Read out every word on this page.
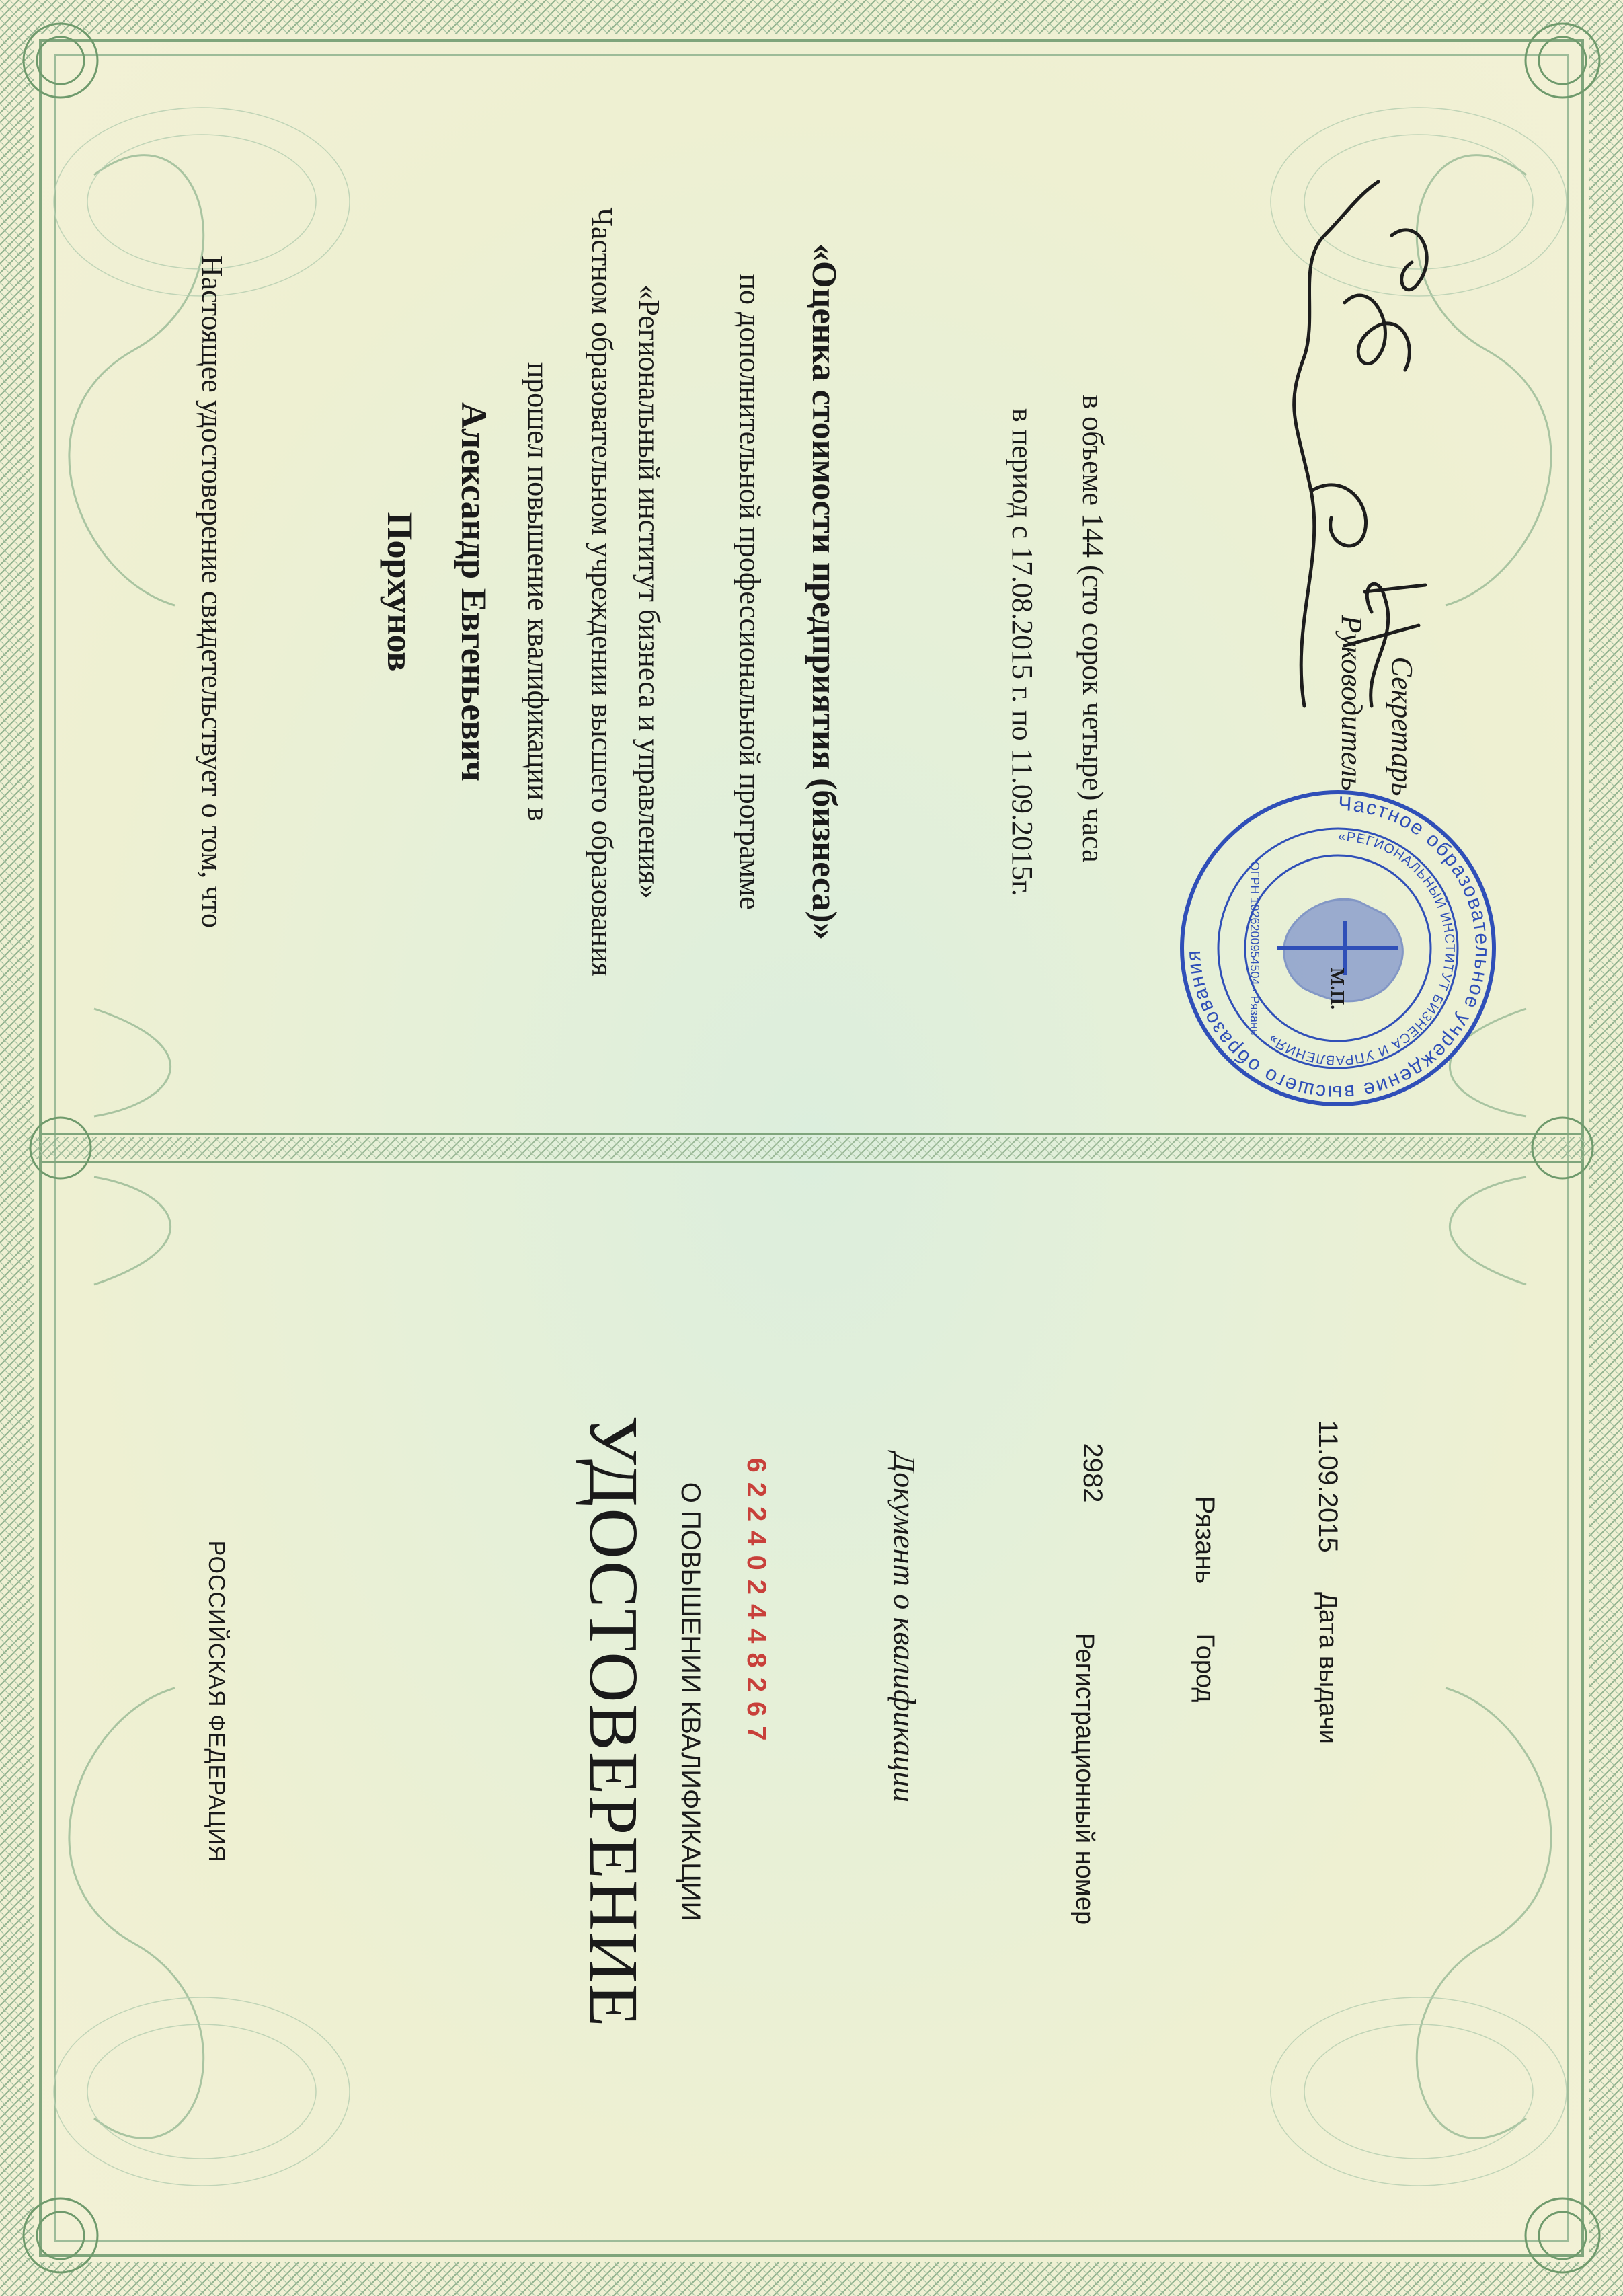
Настоящее удостоверение свидетельствует о том, что	Порхунов Александр Евгеньевич прошел повышение квалификации в Частном образовательном учреждении высшего образования «Региональный институт бизнеса и управления» по дополнительной профессиональной программе «Оценка стоимости предприятия (бизнеса)»	в период с 17.08.2015 г. по 11.09.2015г. в объеме 144 (сто сорок четыре) часа	Руководитель Секретарь
Частное образовательное учреждение высшего образования
«РЕГИОНАЛЬНЫЙ ИНСТИТУТ БИЗНЕСА И УПРАВЛЕНИЯ»
ОГРН 1026200954504 · Рязань	М.П.
РОССИЙСКАЯ ФЕДЕРАЦИЯ	УДОСТОВЕРЕНИЕ О ПОВЫШЕНИИ КВАЛИФИКАЦИИ 622402448267	Документ о квалификации	Регистрационный номер
2982
Город
Рязань
Дата выдачи
11.09.2015
